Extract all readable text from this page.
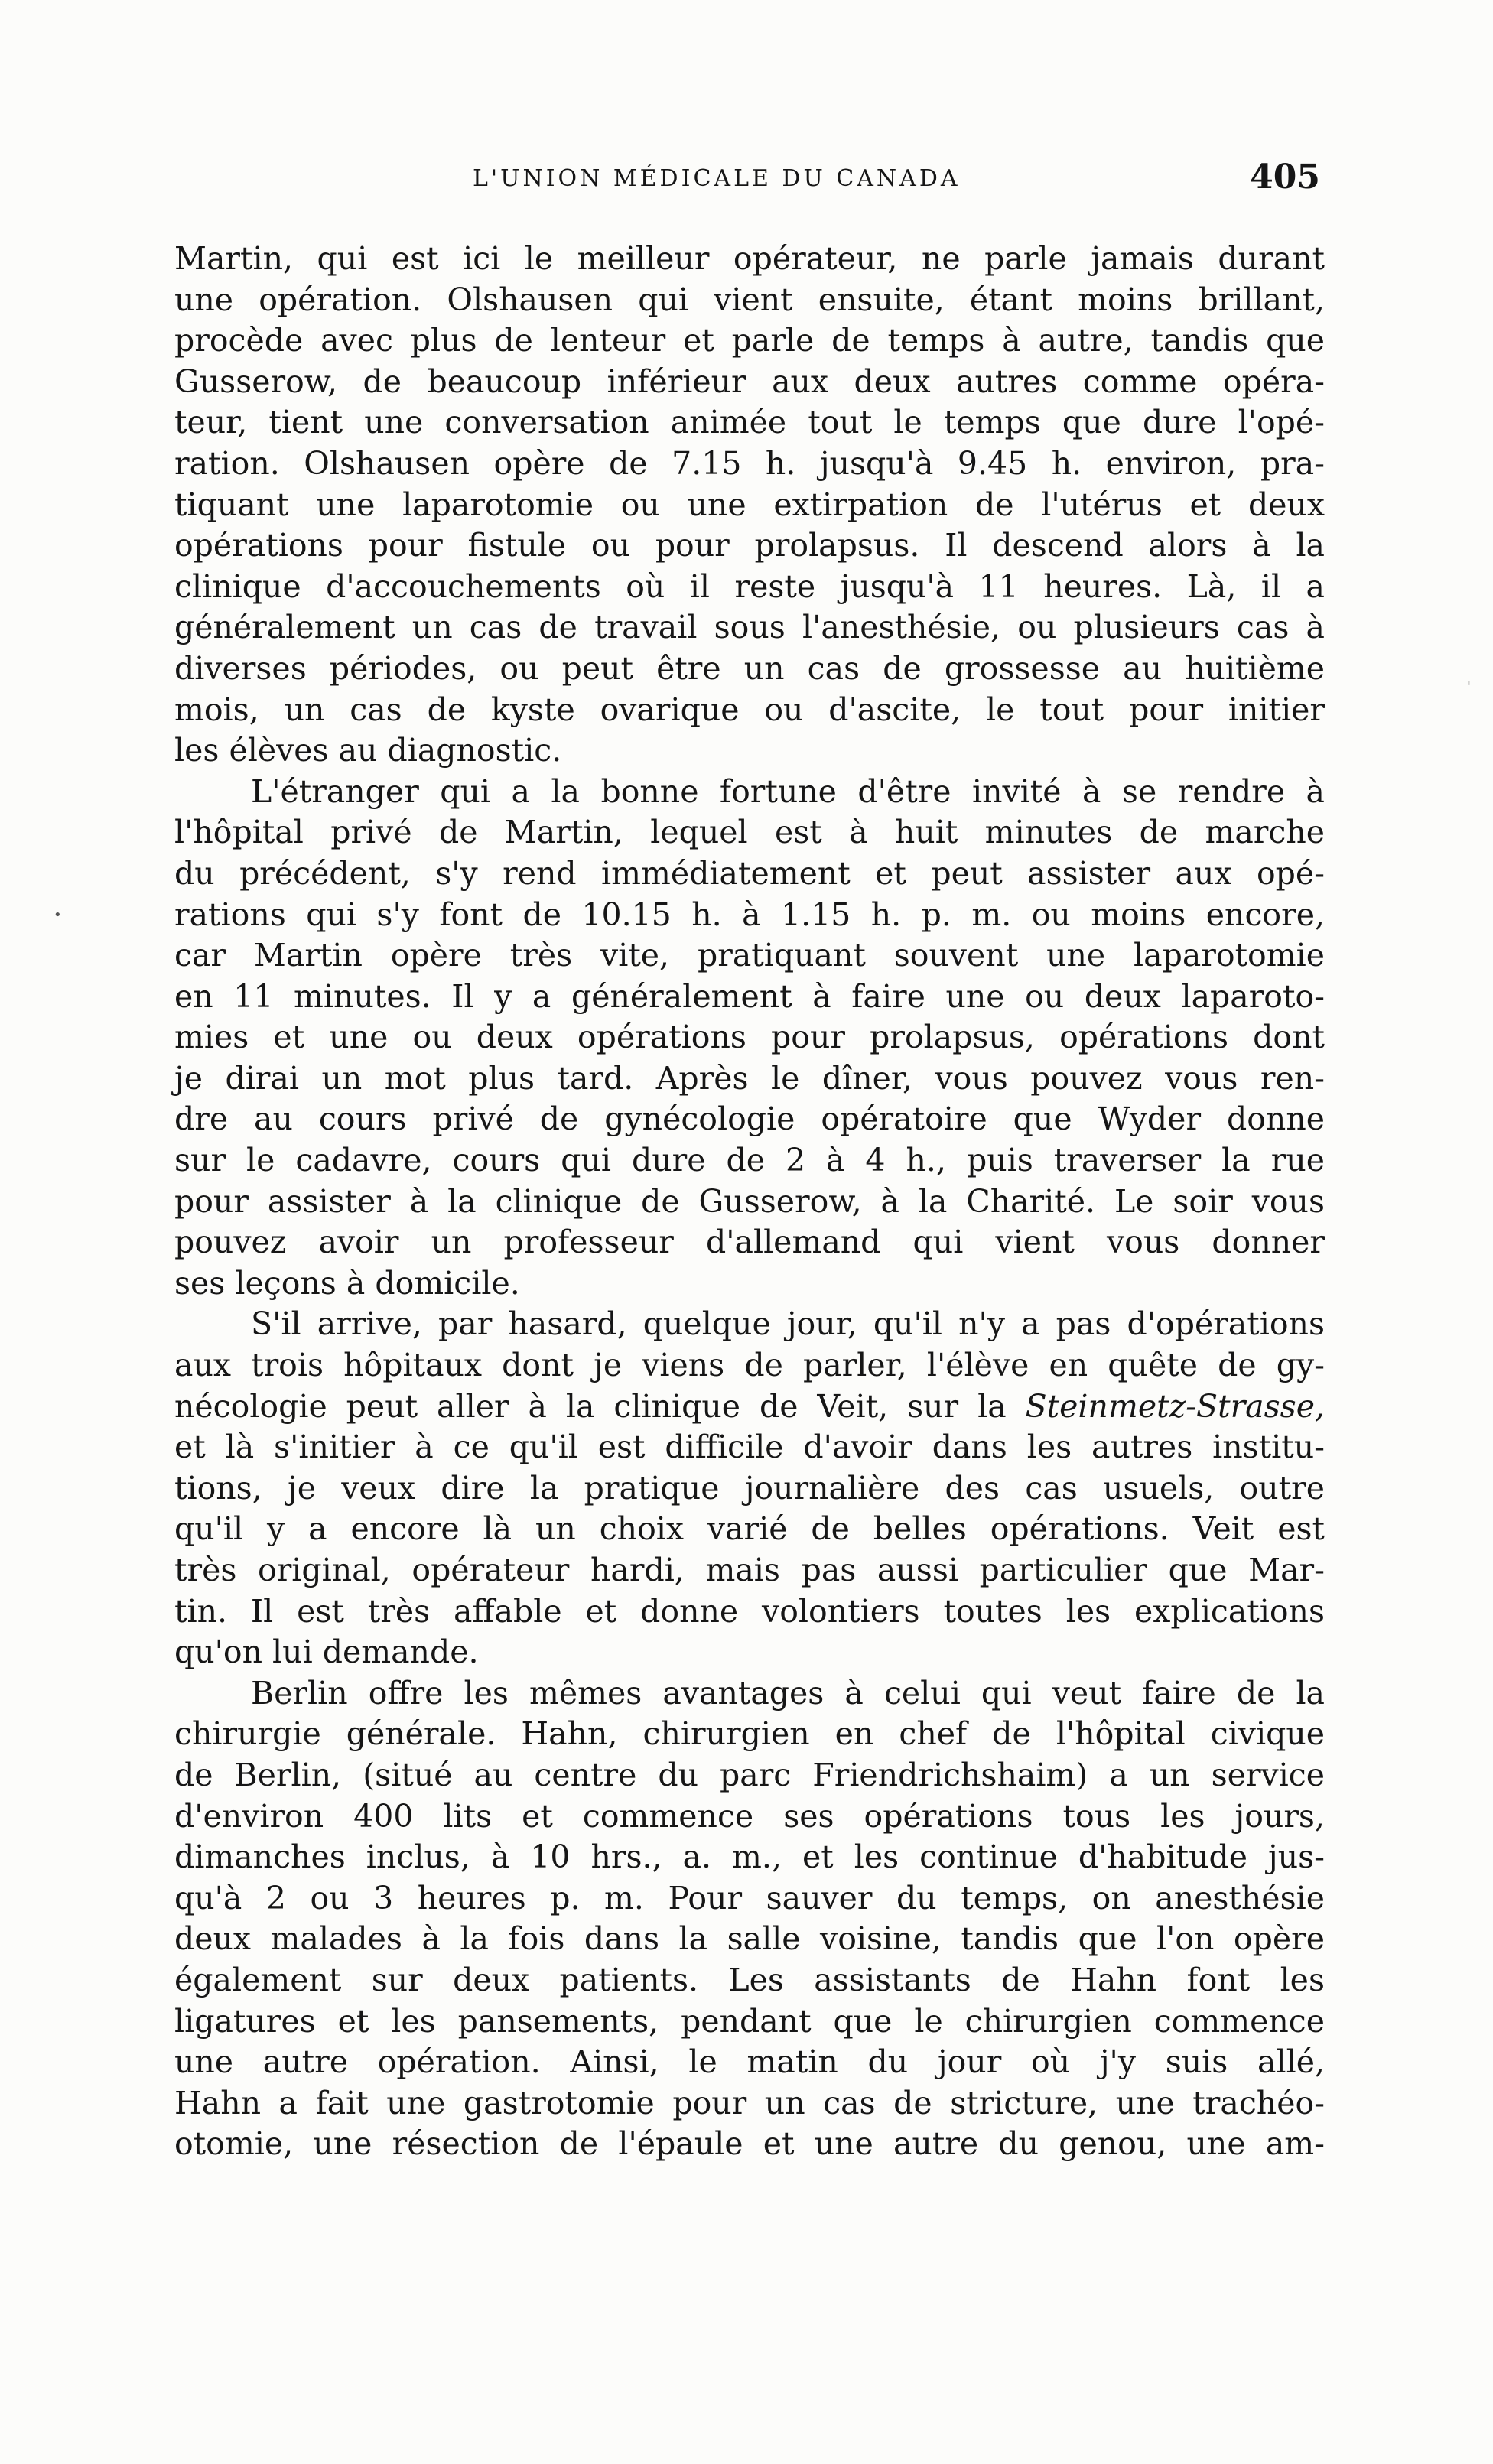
L'UNION MÉDICALE DU CANADA	405
Martin, qui est ici le meilleur opérateur, ne parle jamais durant
une opération. Olshausen qui vient ensuite, étant moins brillant,
procède avec plus de lenteur et parle de temps à autre, tandis que
Gusserow, de beaucoup inférieur aux deux autres comme opéra-
teur, tient une conversation animée tout le temps que dure l'opé-
ration. Olshausen opère de 7.15 h. jusqu'à 9.45 h. environ, pra-
tiquant une laparotomie ou une extirpation de l'utérus et deux
opérations pour fistule ou pour prolapsus. Il descend alors à la
clinique d'accouchements où il reste jusqu'à 11 heures. Là, il a
généralement un cas de travail sous l'anesthésie, ou plusieurs cas à
diverses périodes, ou peut être un cas de grossesse au huitième
mois, un cas de kyste ovarique ou d'ascite, le tout pour initier
les élèves au diagnostic.
L'étranger qui a la bonne fortune d'être invité à se rendre à
l'hôpital privé de Martin, lequel est à huit minutes de marche
du précédent, s'y rend immédiatement et peut assister aux opé-
rations qui s'y font de 10.15 h. à 1.15 h. p. m. ou moins encore,
car Martin opère très vite, pratiquant souvent une laparotomie
en 11 minutes. Il y a généralement à faire une ou deux laparoto-
mies et une ou deux opérations pour prolapsus, opérations dont
je dirai un mot plus tard. Après le dîner, vous pouvez vous ren-
dre au cours privé de gynécologie opératoire que Wyder donne
sur le cadavre, cours qui dure de 2 à 4 h., puis traverser la rue
pour assister à la clinique de Gusserow, à la Charité. Le soir vous
pouvez avoir un professeur d'allemand qui vient vous donner
ses leçons à domicile.
S'il arrive, par hasard, quelque jour, qu'il n'y a pas d'opérations
aux trois hôpitaux dont je viens de parler, l'élève en quête de gy-
nécologie peut aller à la clinique de Veit, sur la Steinmetz-Strasse,
et là s'initier à ce qu'il est difficile d'avoir dans les autres institu-
tions, je veux dire la pratique journalière des cas usuels, outre
qu'il y a encore là un choix varié de belles opérations. Veit est
très original, opérateur hardi, mais pas aussi particulier que Mar-
tin. Il est très affable et donne volontiers toutes les explications
qu'on lui demande.
Berlin offre les mêmes avantages à celui qui veut faire de la
chirurgie générale. Hahn, chirurgien en chef de l'hôpital civique
de Berlin, (situé au centre du parc Friendrichshaim) a un service
d'environ 400 lits et commence ses opérations tous les jours,
dimanches inclus, à 10 hrs., a. m., et les continue d'habitude jus-
qu'à 2 ou 3 heures p. m. Pour sauver du temps, on anesthésie
deux malades à la fois dans la salle voisine, tandis que l'on opère
également sur deux patients. Les assistants de Hahn font les
ligatures et les pansements, pendant que le chirurgien commence
une autre opération. Ainsi, le matin du jour où j'y suis allé,
Hahn a fait une gastrotomie pour un cas de stricture, une trachéo-
otomie, une résection de l'épaule et une autre du genou, une am-
'
•
